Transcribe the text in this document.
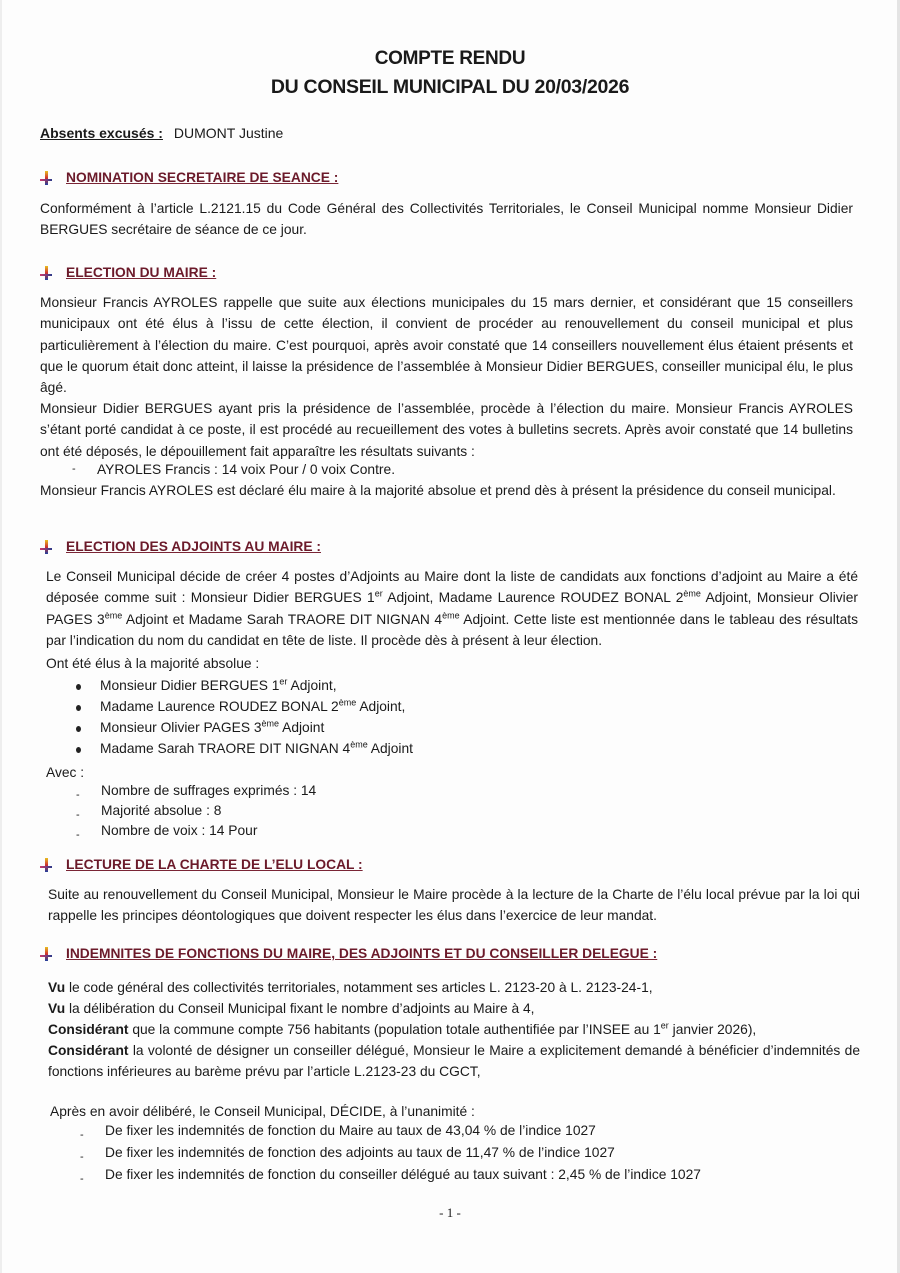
COMPTE RENDU
DU CONSEIL MUNICIPAL DU 20/03/2026
Absents excusés : DUMONT Justine
NOMINATION SECRETAIRE DE SEANCE :
Conformément à l’article L.2121.15 du Code Général des Collectivités Territoriales, le Conseil Municipal nomme Monsieur Didier BERGUES secrétaire de séance de ce jour.
ELECTION DU MAIRE :
Monsieur Francis AYROLES rappelle que suite aux élections municipales du 15 mars dernier, et considérant que 15 conseillers municipaux ont été élus à l’issu de cette élection, il convient de procéder au renouvellement du conseil municipal et plus particulièrement à l’élection du maire. C’est pourquoi, après avoir constaté que 14 conseillers nouvellement élus étaient présents et que le quorum était donc atteint, il laisse la présidence de l’assemblée à Monsieur Didier BERGUES, conseiller municipal élu, le plus âgé.
Monsieur Didier BERGUES ayant pris la présidence de l’assemblée, procède à l’élection du maire. Monsieur Francis AYROLES s’étant porté candidat à ce poste, il est procédé au recueillement des votes à bulletins secrets. Après avoir constaté que 14 bulletins ont été déposés, le dépouillement fait apparaître les résultats suivants :
- AYROLES Francis : 14 voix Pour / 0 voix Contre.
Monsieur Francis AYROLES est déclaré élu maire à la majorité absolue et prend dès à présent la présidence du conseil municipal.
ELECTION DES ADJOINTS AU MAIRE :
Le Conseil Municipal décide de créer 4 postes d’Adjoints au Maire dont la liste de candidats aux fonctions d’adjoint au Maire a été déposée comme suit : Monsieur Didier BERGUES 1er Adjoint, Madame Laurence ROUDEZ BONAL 2ème Adjoint, Monsieur Olivier PAGES 3ème Adjoint et Madame Sarah TRAORE DIT NIGNAN 4ème Adjoint. Cette liste est mentionnée dans le tableau des résultats par l’indication du nom du candidat en tête de liste. Il procède dès à présent à leur élection.
Ont été élus à la majorité absolue :
Monsieur Didier BERGUES 1er Adjoint,
Madame Laurence ROUDEZ BONAL 2ème Adjoint,
Monsieur Olivier PAGES 3ème Adjoint
Madame Sarah TRAORE DIT NIGNAN 4ème Adjoint
Avec :
- Nombre de suffrages exprimés : 14
- Majorité absolue : 8
- Nombre de voix : 14 Pour
LECTURE DE LA CHARTE DE L’ELU LOCAL :
Suite au renouvellement du Conseil Municipal, Monsieur le Maire procède à la lecture de la Charte de l’élu local prévue par la loi qui rappelle les principes déontologiques que doivent respecter les élus dans l’exercice de leur mandat.
INDEMNITES DE FONCTIONS DU MAIRE, DES ADJOINTS ET DU CONSEILLER DELEGUE :
Vu le code général des collectivités territoriales, notamment ses articles L. 2123-20 à L. 2123-24-1,
Vu la délibération du Conseil Municipal fixant le nombre d’adjoints au Maire à 4,
Considérant que la commune compte 756 habitants (population totale authentifiée par l’INSEE au 1er janvier 2026),
Considérant la volonté de désigner un conseiller délégué, Monsieur le Maire a explicitement demandé à bénéficier d’indemnités de fonctions inférieures au barème prévu par l’article L.2123-23 du CGCT,
Après en avoir délibéré, le Conseil Municipal, DÉCIDE, à l’unanimité :
- De fixer les indemnités de fonction du Maire au taux de 43,04 % de l’indice 1027
- De fixer les indemnités de fonction des adjoints au taux de 11,47 % de l’indice 1027
- De fixer les indemnités de fonction du conseiller délégué au taux suivant : 2,45 % de l’indice 1027
- 1 -
